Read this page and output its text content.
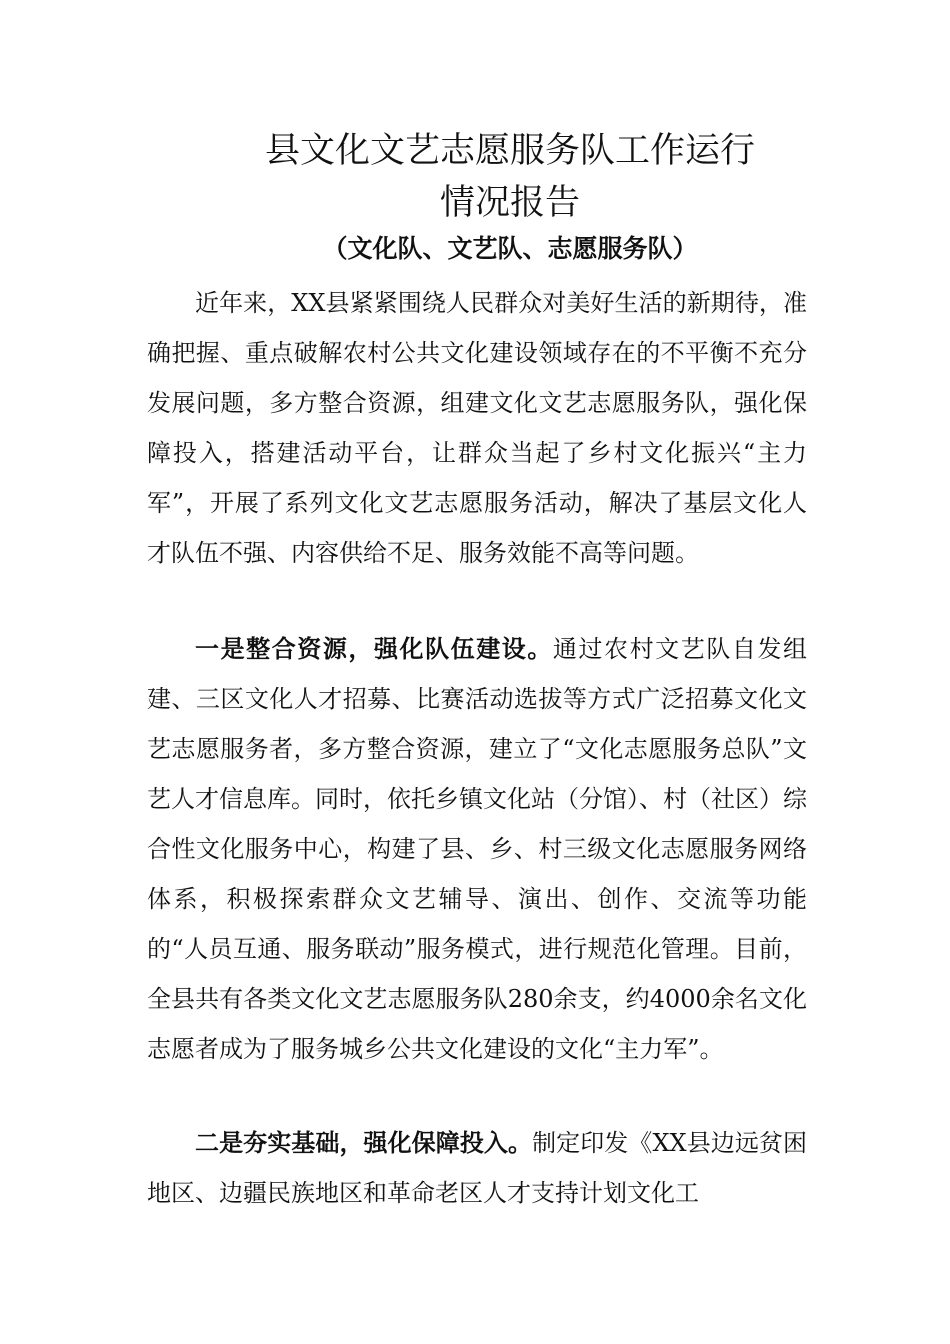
县文化文艺志愿服务队工作运行
情况报告
（文化队、文艺队、志愿服务队）

近年来，XX县紧紧围绕人民群众对美好生活的新期待，准确把握、重点破解农村公共文化建设领域存在的不平衡不充分发展问题，多方整合资源，组建文化文艺志愿服务队，强化保障投入，搭建活动平台，让群众当起了乡村文化振兴“主力军”，开展了系列文化文艺志愿服务活动，解决了基层文化人才队伍不强、内容供给不足、服务效能不高等问题。

一是整合资源，强化队伍建设。通过农村文艺队自发组建、三区文化人才招募、比赛活动选拔等方式广泛招募文化文艺志愿服务者，多方整合资源，建立了“文化志愿服务总队”文艺人才信息库。同时，依托乡镇文化站（分馆）、村（社区）综合性文化服务中心，构建了县、乡、村三级文化志愿服务网络体系，积极探索群众文艺辅导、演出、创作、交流等功能的“人员互通、服务联动”服务模式，进行规范化管理。目前，全县共有各类文化文艺志愿服务队280余支，约4000余名文化志愿者成为了服务城乡公共文化建设的文化“主力军”。

二是夯实基础，强化保障投入。制定印发《XX县边远贫困地区、边疆民族地区和革命老区人才支持计划文化工
